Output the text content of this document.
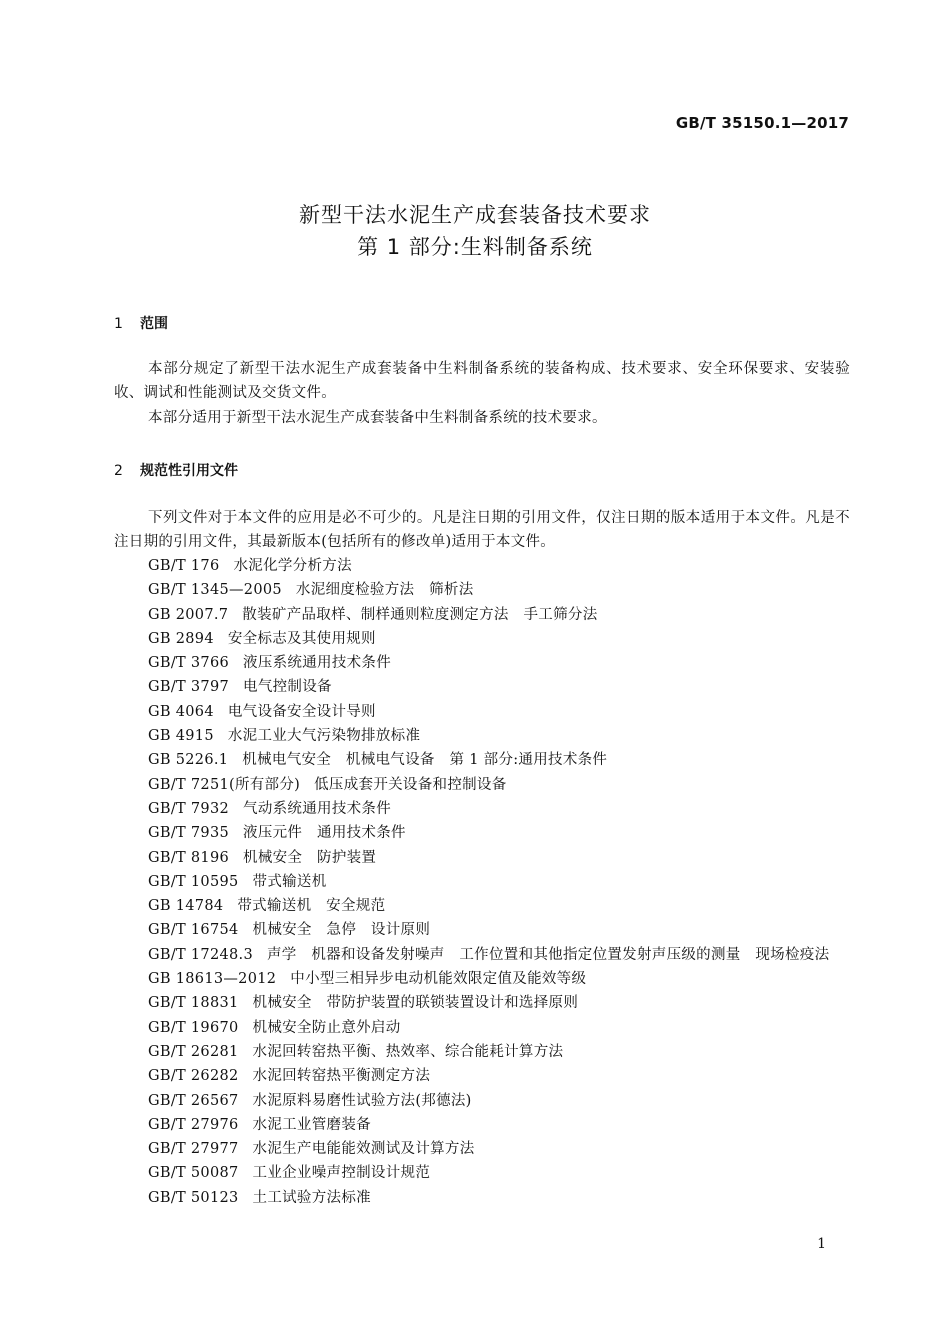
GB/T 35150.1—2017
新型干法水泥生产成套装备技术要求
第 1 部分:生料制备系统
1 范围
本部分规定了新型干法水泥生产成套装备中生料制备系统的装备构成、技术要求、安全环保要求、安装验收、调试和性能测试及交货文件。
本部分适用于新型干法水泥生产成套装备中生料制备系统的技术要求。
2 规范性引用文件
下列文件对于本文件的应用是必不可少的。凡是注日期的引用文件，仅注日期的版本适用于本文件。凡是不注日期的引用文件，其最新版本(包括所有的修改单)适用于本文件。
GB/T 176 水泥化学分析方法
GB/T 1345—2005 水泥细度检验方法　筛析法
GB 2007.7 散装矿产品取样、制样通则粒度测定方法　手工筛分法
GB 2894 安全标志及其使用规则
GB/T 3766 液压系统通用技术条件
GB/T 3797 电气控制设备
GB 4064 电气设备安全设计导则
GB 4915 水泥工业大气污染物排放标准
GB 5226.1 机械电气安全　机械电气设备　第 1 部分:通用技术条件
GB/T 7251(所有部分) 低压成套开关设备和控制设备
GB/T 7932 气动系统通用技术条件
GB/T 7935 液压元件　通用技术条件
GB/T 8196 机械安全　防护装置
GB/T 10595 带式输送机
GB 14784 带式输送机　安全规范
GB/T 16754 机械安全　急停　设计原则
GB/T 17248.3 声学　机器和设备发射噪声　工作位置和其他指定位置发射声压级的测量　现场检疫法
GB 18613—2012 中小型三相异步电动机能效限定值及能效等级
GB/T 18831 机械安全　带防护装置的联锁装置设计和选择原则
GB/T 19670 机械安全防止意外启动
GB/T 26281 水泥回转窑热平衡、热效率、综合能耗计算方法
GB/T 26282 水泥回转窑热平衡测定方法
GB/T 26567 水泥原料易磨性试验方法(邦德法)
GB/T 27976 水泥工业管磨装备
GB/T 27977 水泥生产电能能效测试及计算方法
GB/T 50087 工业企业噪声控制设计规范
GB/T 50123 土工试验方法标准
1
